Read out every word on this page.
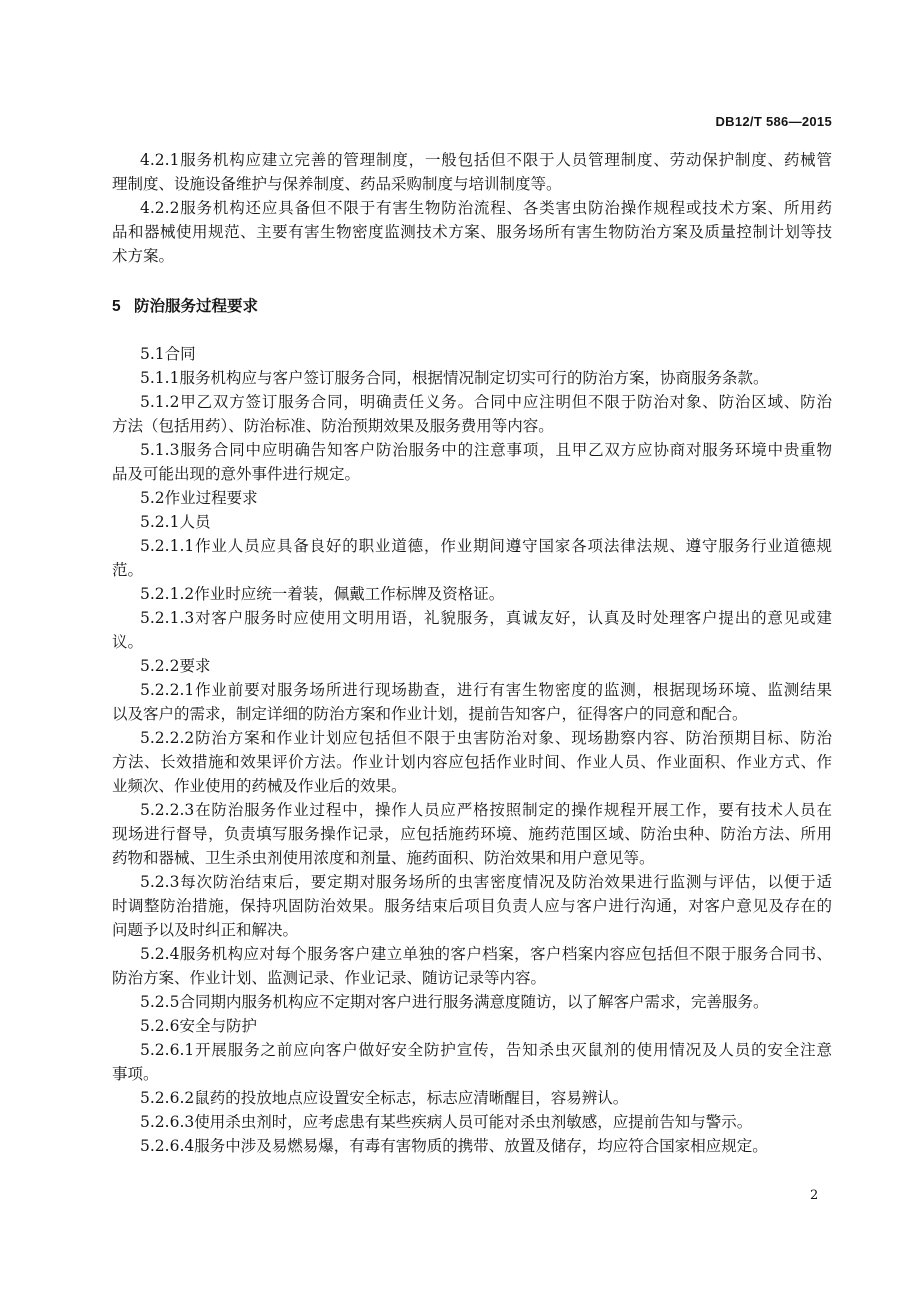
DB12/T 586—2015
4.2.1服务机构应建立完善的管理制度，一般包括但不限于人员管理制度、劳动保护制度、药械管
理制度、设施设备维护与保养制度、药品采购制度与培训制度等。
4.2.2服务机构还应具备但不限于有害生物防治流程、各类害虫防治操作规程或技术方案、所用药
品和器械使用规范、主要有害生物密度监测技术方案、服务场所有害生物防治方案及质量控制计划等技
术方案。
5 防治服务过程要求
5.1合同
5.1.1服务机构应与客户签订服务合同，根据情况制定切实可行的防治方案，协商服务条款。
5.1.2甲乙双方签订服务合同，明确责任义务。合同中应注明但不限于防治对象、防治区域、防治
方法（包括用药）、防治标准、防治预期效果及服务费用等内容。
5.1.3服务合同中应明确告知客户防治服务中的注意事项，且甲乙双方应协商对服务环境中贵重物
品及可能出现的意外事件进行规定。
5.2作业过程要求
5.2.1人员
5.2.1.1作业人员应具备良好的职业道德，作业期间遵守国家各项法律法规、遵守服务行业道德规
范。
5.2.1.2作业时应统一着装，佩戴工作标牌及资格证。
5.2.1.3对客户服务时应使用文明用语，礼貌服务，真诚友好，认真及时处理客户提出的意见或建
议。
5.2.2要求
5.2.2.1作业前要对服务场所进行现场勘查，进行有害生物密度的监测，根据现场环境、监测结果
以及客户的需求，制定详细的防治方案和作业计划，提前告知客户，征得客户的同意和配合。
5.2.2.2防治方案和作业计划应包括但不限于虫害防治对象、现场勘察内容、防治预期目标、防治
方法、长效措施和效果评价方法。作业计划内容应包括作业时间、作业人员、作业面积、作业方式、作
业频次、作业使用的药械及作业后的效果。
5.2.2.3在防治服务作业过程中，操作人员应严格按照制定的操作规程开展工作，要有技术人员在
现场进行督导，负责填写服务操作记录，应包括施药环境、施药范围区域、防治虫种、防治方法、所用
药物和器械、卫生杀虫剂使用浓度和剂量、施药面积、防治效果和用户意见等。
5.2.3每次防治结束后，要定期对服务场所的虫害密度情况及防治效果进行监测与评估，以便于适
时调整防治措施，保持巩固防治效果。服务结束后项目负责人应与客户进行沟通，对客户意见及存在的
问题予以及时纠正和解决。
5.2.4服务机构应对每个服务客户建立单独的客户档案，客户档案内容应包括但不限于服务合同书、
防治方案、作业计划、监测记录、作业记录、随访记录等内容。
5.2.5合同期内服务机构应不定期对客户进行服务满意度随访，以了解客户需求，完善服务。
5.2.6安全与防护
5.2.6.1开展服务之前应向客户做好安全防护宣传，告知杀虫灭鼠剂的使用情况及人员的安全注意
事项。
5.2.6.2鼠药的投放地点应设置安全标志，标志应清晰醒目，容易辨认。
5.2.6.3使用杀虫剂时，应考虑患有某些疾病人员可能对杀虫剂敏感，应提前告知与警示。
5.2.6.4服务中涉及易燃易爆，有毒有害物质的携带、放置及储存，均应符合国家相应规定。
2
